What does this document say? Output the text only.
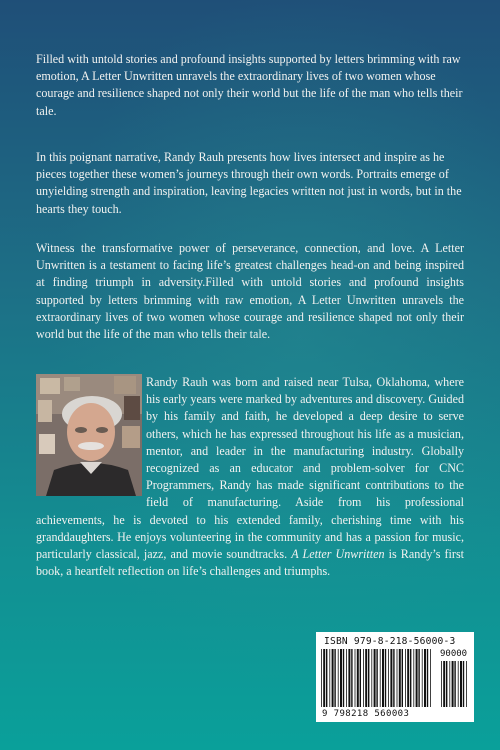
Filled with untold stories and profound insights supported by letters brimming with raw emotion, A Letter Unwritten unravels the extraordinary lives of two women whose courage and resilience shaped not only their world but the life of the man who tells their tale.

In this poignant narrative, Randy Rauh presents how lives intersect and inspire as he pieces together these women’s journeys through their own words. Portraits emerge of unyielding strength and inspiration, leaving legacies written not just in words, but in the hearts they touch.

Witness the transformative power of perseverance, connection, and love. A Letter Unwritten is a testament to facing life’s greatest challenges head-on and being inspired at finding triumph in adversity.Filled with untold stories and profound insights supported by letters brimming with raw emotion, A Letter Unwritten unravels the extraordinary lives of two women whose courage and resilience shaped not only their world but the life of the man who tells their tale.

Randy Rauh was born and raised near Tulsa, Oklahoma, where his early years were marked by adventures and discovery. Guided by his family and faith, he developed a deep desire to serve others, which he has expressed throughout his life as a musician, mentor, and leader in the manufacturing industry. Globally recognized as an educator and problem-solver for CNC Programmers, Randy has made significant contributions to the field of manufacturing. Aside from his professional achievements, he is devoted to his extended family, cherishing time with his granddaughters. He enjoys volunteering in the community and has a passion for music, particularly classical, jazz, and movie soundtracks. A Letter Unwritten is Randy’s first book, a heartfelt reflection on life’s challenges and triumphs.
ISBN 979-8-218-56000-3
90000
9 798218 560003
